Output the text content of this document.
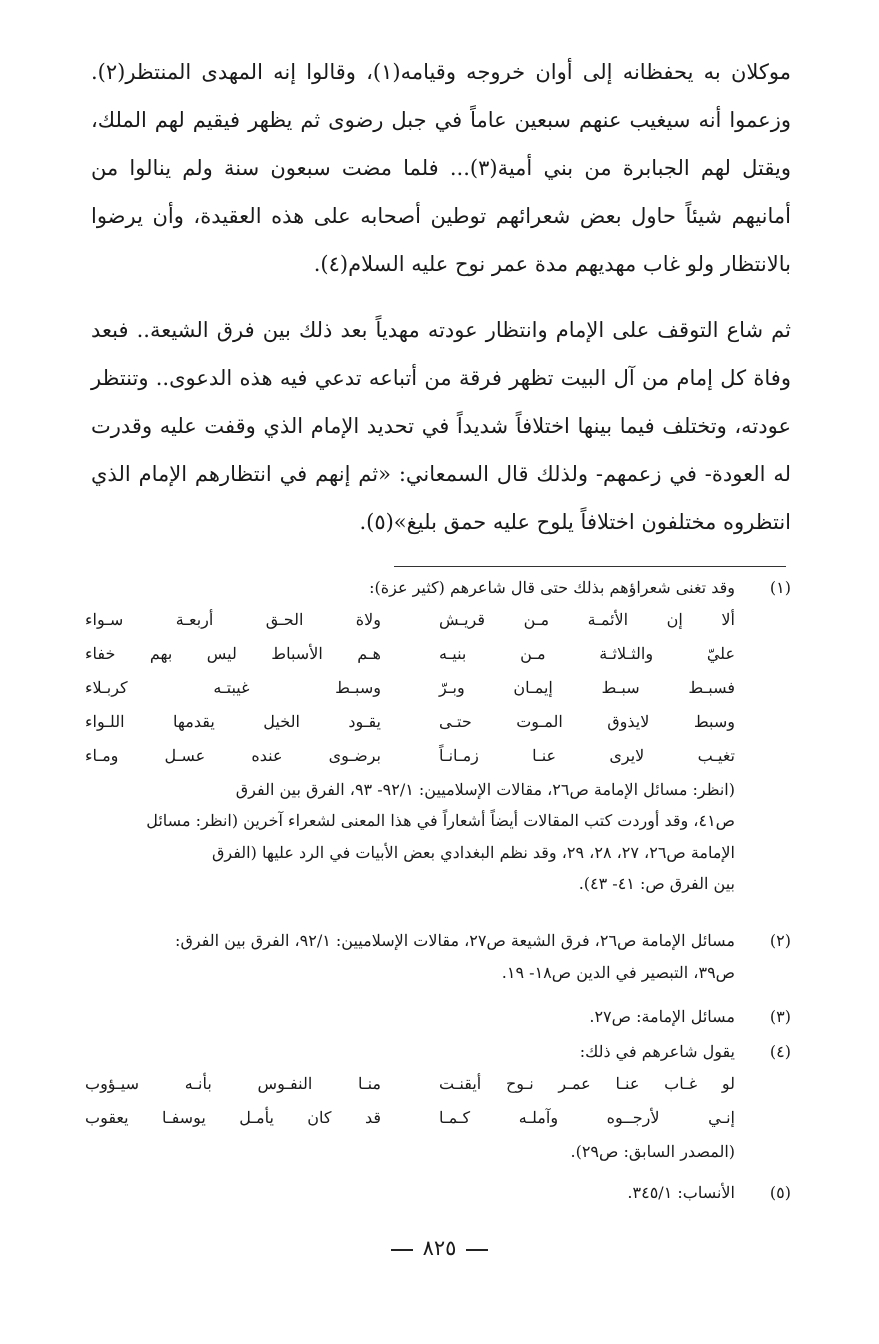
موكلان به يحفظانه إلى أوان خروجه وقيامه(١)، وقالوا إنه المهدى المنتظر(٢). وزعموا أنه سيغيب عنهم سبعين عاماً في جبل رضوى ثم يظهر فيقيم لهم الملك، ويقتل لهم الجبابرة من بني أمية(٣)... فلما مضت سبعون سنة ولم ينالوا من أمانيهم شيئاً حاول بعض شعرائهم توطين أصحابه على هذه العقيدة، وأن يرضوا بالانتظار ولو غاب مهديهم مدة عمر نوح عليه السلام(٤).

ثم شاع التوقف على الإمام وانتظار عودته مهدياً بعد ذلك بين فرق الشيعة.. فبعد وفاة كل إمام من آل البيت تظهر فرقة من أتباعه تدعي فيه هذه الدعوى.. وتنتظر عودته، وتختلف فيما بينها اختلافاً شديداً في تحديد الإمام الذي وقفت عليه وقدرت له العودة- في زعمهم- ولذلك قال السمعاني: «ثم إنهم في انتظارهم الإمام الذي انتظروه مختلفون اختلافاً يلوح عليه حمق بليغ»(٥).

(١)
وقد تغنى شعراؤهم بذلك حتى قال شاعرهم (كثير عزة):
ألا إن الأئمـة مـن قريـش
ولاة الحـق أربعـة سـواء
عليّ والثـلاثـة مـن بنيـه
هـم الأسباط ليس بهم خفاء
فسبـط سبـط إيمـان وبـرّ
وسبـط غيبتـه كربـلاء
وسبط لايذوق المـوت حتـى
يقـود الخيل يقدمها اللـواء
تغيـب لايرى عنـا زمـانـاً
برضـوى عنده عسـل ومـاء
(انظر: مسائل الإمامة ص٢٦، مقالات الإسلاميين: ٩٢/١- ٩٣، الفرق بين الفرق
ص٤١، وقد أوردت كتب المقالات أيضاً أشعاراً في هذا المعنى لشعراء آخرين (انظر: مسائل
الإمامة ص٢٦، ٢٧، ٢٨، ٢٩، وقد نظم البغدادي بعض الأبيات في الرد عليها (الفرق
بين الفرق ص: ٤١- ٤٣).
(٢)
مسائل الإمامة ص٢٦، فرق الشيعة ص٢٧، مقالات الإسلاميين: ٩٢/١، الفرق بين الفرق:
ص٣٩، التبصير في الدين ص١٨- ١٩.
(٣)
مسائل الإمامة: ص٢٧.
(٤)
يقول شاعرهم في ذلك:
لو غـاب عنـا عمـر نـوح أيقنـت
منـا النفـوس بأنـه سيـؤوب
إنـي لأرجــوه وآملـه كـمـا
قد كان يأمـل يوسفـا يعقوب
(المصدر السابق: ص٢٩).
(٥)
الأنساب: ٣٤٥/١.
٨٢٥
